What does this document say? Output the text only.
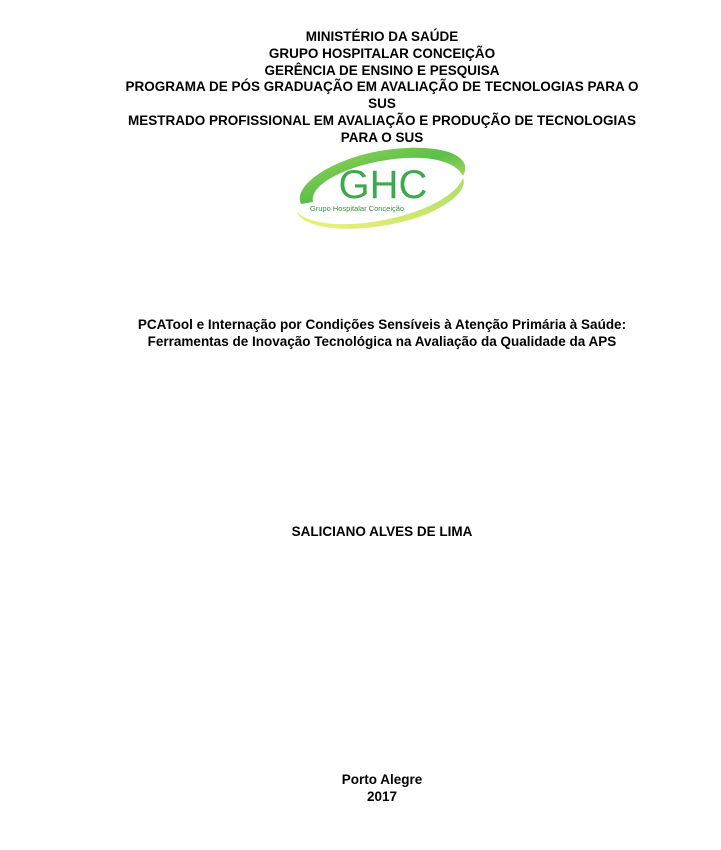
MINISTÉRIO DA SAÚDE
GRUPO HOSPITALAR CONCEIÇÃO
GERÊNCIA DE ENSINO E PESQUISA
PROGRAMA DE PÓS GRADUAÇÃO EM AVALIAÇÃO DE TECNOLOGIAS PARA O
SUS
MESTRADO PROFISSIONAL EM AVALIAÇÃO E PRODUÇÃO DE TECNOLOGIAS
PARA O SUS
GHC
Grupo Hospitalar Conceição
PCATool e Internação por Condições Sensíveis à Atenção Primária à Saúde:
Ferramentas de Inovação Tecnológica na Avaliação da Qualidade da APS
SALICIANO ALVES DE LIMA
Porto Alegre
2017
